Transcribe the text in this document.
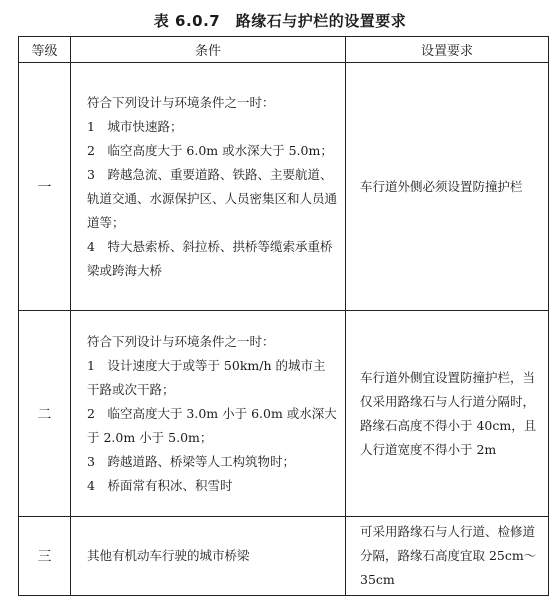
表 6.0.7　路缘石与护栏的设置要求
等级	条件	设置要求
一	符合下列设计与环境条件之一时：
1　城市快速路；
2　临空高度大于 6.0m 或水深大于 5.0m；
3　跨越急流、重要道路、铁路、主要航道、轨道交通、水源保护区、人员密集区和人员通道等；
4　特大悬索桥、斜拉桥、拱桥等缆索承重桥梁或跨海大桥	车行道外侧必须设置防撞护栏

二	符合下列设计与环境条件之一时：
1　设计速度大于或等于 50km/h 的城市主干路或次干路；
2　临空高度大于 3.0m 小于 6.0m 或水深大于 2.0m 小于 5.0m；
3　跨越道路、桥梁等人工构筑物时；
4　桥面常有积冰、积雪时	车行道外侧宜设置防撞护栏，当仅采用路缘石与人行道分隔时，路缘石高度不得小于 40cm，且人行道宽度不得小于 2m

三	其他有机动车行驶的城市桥梁	可采用路缘石与人行道、检修道分隔，路缘石高度宜取 25cm～35cm
